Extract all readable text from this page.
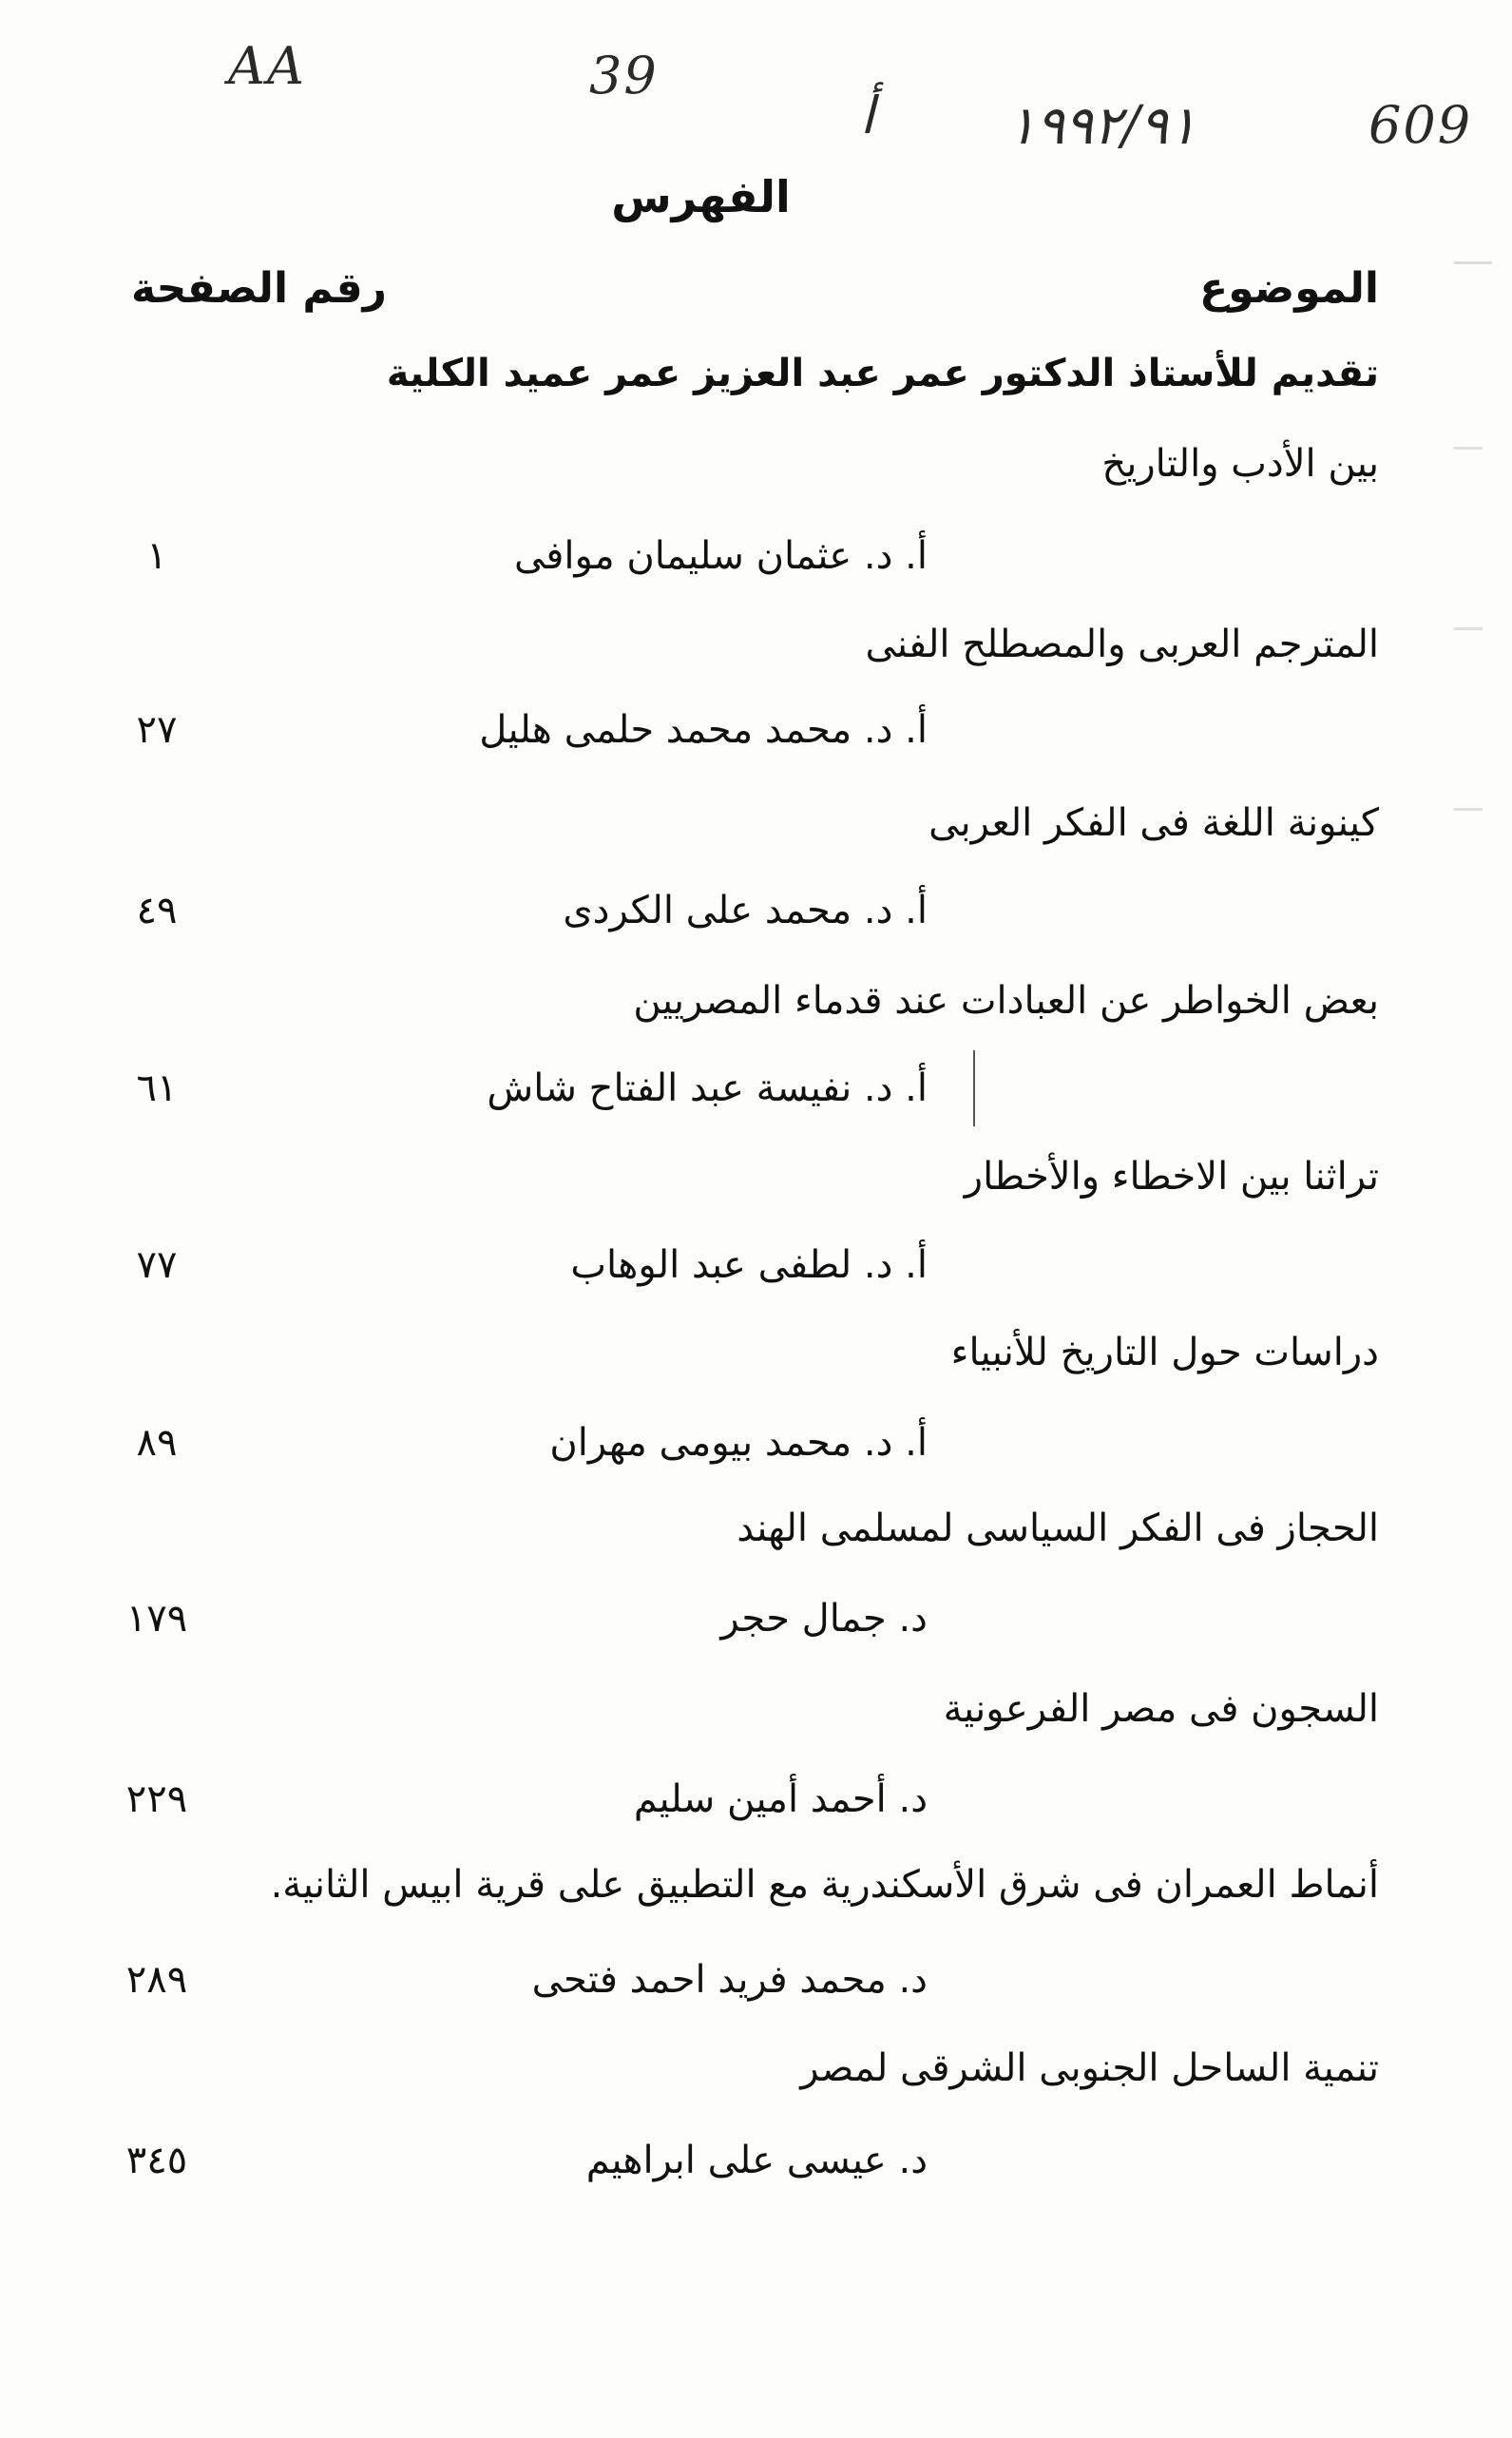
AA	39
أ ١٩٩٢/٩١	609
الفهرس
الموضوع
رقم الصفحة
تقديم للأستاذ الدكتور عمر عبد العزيز عمر عميد الكلية
بين الأدب والتاريخ
أ. د. عثمان سليمان موافى
١
المترجم العربى والمصطلح الفنى
أ. د. محمد محمد حلمى هليل
٢٧
كينونة اللغة فى الفكر العربى
أ. د. محمد على الكردى
٤٩
بعض الخواطر عن العبادات عند قدماء المصريين
أ. د. نفيسة عبد الفتاح شاش
٦١
تراثنا بين الاخطاء والأخطار
أ. د. لطفى عبد الوهاب
٧٧
دراسات حول التاريخ للأنبياء
أ. د. محمد بيومى مهران
٨٩
الحجاز فى الفكر السياسى لمسلمى الهند
د. جمال حجر
١٧٩
السجون فى مصر الفرعونية
د. أحمد أمين سليم
٢٢٩
أنماط العمران فى شرق الأسكندرية مع التطبيق على قرية ابيس الثانية.
د. محمد فريد احمد فتحى
٢٨٩
تنمية الساحل الجنوبى الشرقى لمصر
د. عيسى على ابراهيم
٣٤٥
